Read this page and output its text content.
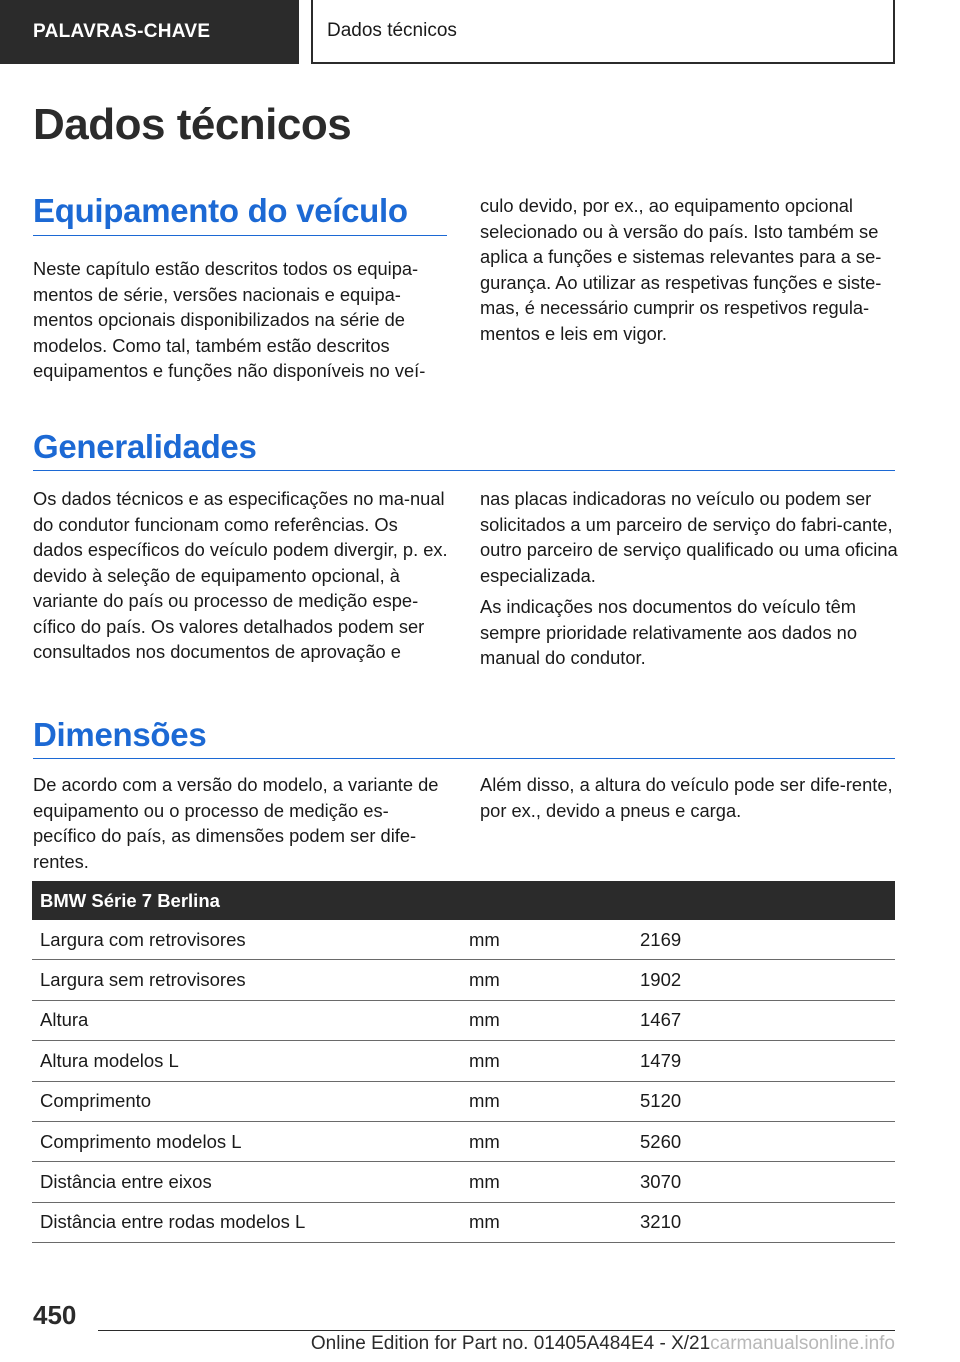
PALAVRAS-CHAVE	Dados técnicos
Dados técnicos
Equipamento do veículo

Neste capítulo estão descritos todos os equipa-mentos de série, versões nacionais e equipa-mentos opcionais disponibilizados na série de modelos. Como tal, também estão descritos equipamentos e funções não disponíveis no veí-

culo devido, por ex., ao equipamento opcional selecionado ou à versão do país. Isto também se aplica a funções e sistemas relevantes para a se-gurança. Ao utilizar as respetivas funções e siste-mas, é necessário cumprir os respetivos regula-mentos e leis em vigor.

Generalidades

Os dados técnicos e as especificações no ma-nual do condutor funcionam como referências. Os dados específicos do veículo podem divergir, p. ex. devido à seleção de equipamento opcional, à variante do país ou processo de medição espe-cífico do país. Os valores detalhados podem ser consultados nos documentos de aprovação e

nas placas indicadoras no veículo ou podem ser solicitados a um parceiro de serviço do fabri-cante, outro parceiro de serviço qualificado ou uma oficina especializada.

As indicações nos documentos do veículo têm sempre prioridade relativamente aos dados no manual do condutor.

Dimensões

De acordo com a versão do modelo, a variante de equipamento ou o processo de medição es-pecífico do país, as dimensões podem ser dife-rentes.

Além disso, a altura do veículo pode ser dife-rente, por ex., devido a pneus e carga.

BMW Série 7 Berlina		
Largura com retrovisores	mm	2169
Largura sem retrovisores	mm	1902
Altura	mm	1467
Altura modelos L	mm	1479
Comprimento	mm	5120
Comprimento modelos L	mm	5260
Distância entre eixos	mm	3070
Distância entre rodas modelos L	mm	3210
450
Online Edition for Part no. 01405A484E4 - X/21carmanualsonline.info
